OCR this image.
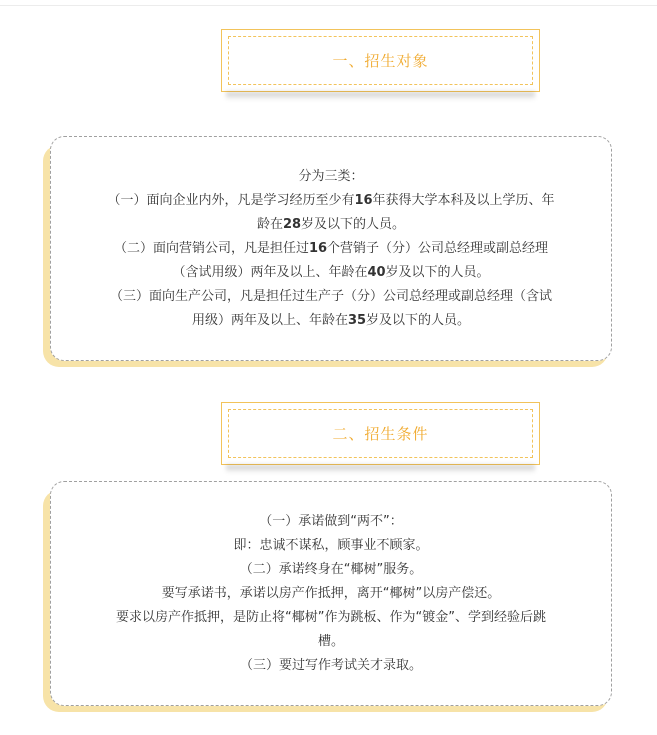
一、招生对象

分为三类：

（一）面向企业内外，凡是学习经历至少有16年获得大学本科及以上学历、年

龄在28岁及以下的人员。

（二）面向营销公司，凡是担任过16个营销子（分）公司总经理或副总经理

（含试用级）两年及以上、年龄在40岁及以下的人员。

（三）面向生产公司，凡是担任过生产子（分）公司总经理或副总经理（含试

用级）两年及以上、年龄在35岁及以下的人员。

二、招生条件

（一）承诺做到“两不”：

即：忠诚不谋私，顾事业不顾家。

（二）承诺终身在“椰树”服务。

要写承诺书，承诺以房产作抵押，离开“椰树”以房产偿还。

要求以房产作抵押，是防止将“椰树”作为跳板、作为“镀金”、学到经验后跳

槽。

（三）要过写作考试关才录取。
